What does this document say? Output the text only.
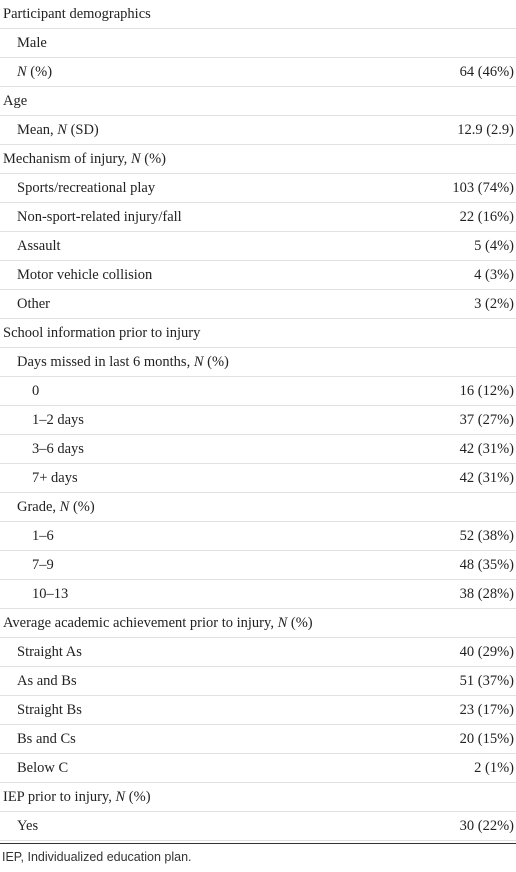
Participant demographics
Male
N (%)	64 (46%)
Age
Mean, N (SD)	12.9 (2.9)
Mechanism of injury, N (%)
Sports/recreational play	103 (74%)
Non-sport-related injury/fall	22 (16%)
Assault	5 (4%)
Motor vehicle collision	4 (3%)
Other	3 (2%)
School information prior to injury
Days missed in last 6 months, N (%)
0	16 (12%)
1–2 days	37 (27%)
3–6 days	42 (31%)
7+ days	42 (31%)
Grade, N (%)
1–6	52 (38%)
7–9	48 (35%)
10–13	38 (28%)
Average academic achievement prior to injury, N (%)
Straight As	40 (29%)
As and Bs	51 (37%)
Straight Bs	23 (17%)
Bs and Cs	20 (15%)
Below C	2 (1%)
IEP prior to injury, N (%)
Yes	30 (22%)
IEP, Individualized education plan.
